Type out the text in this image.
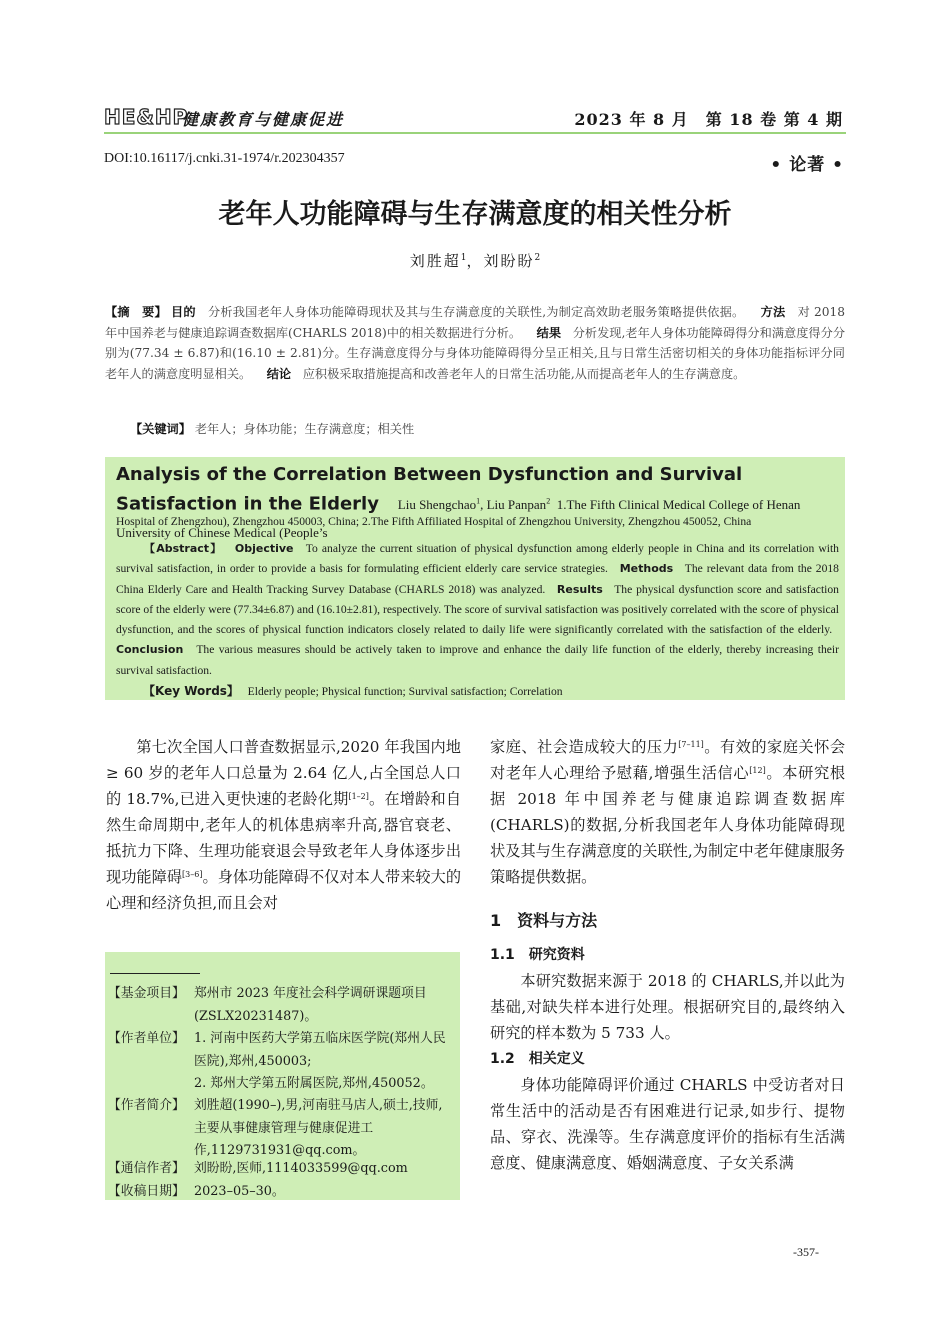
HE&HP
健康教育与健康促进	2023 年 8 月　第 18 卷 第 4 期
DOI:10.16117/j.cnki.31-1974/r.202304357	• 论著 •
老年人功能障碍与生存满意度的相关性分析
刘胜超$^1$，刘盼盼$^2$
【摘　要】 目的 分析我国老年人身体功能障碍现状及其与生存满意度的关联性,为制定高效助老服务策略提供依据。 方法 对 2018 年中国养老与健康追踪调查数据库(CHARLS 2018)中的相关数据进行分析。 结果 分析发现,老年人身体功能障碍得分和满意度得分分别为(77.34 ± 6.87)和(16.10 ± 2.81)分。生存满意度得分与身体功能障碍得分呈正相关,且与日常生活密切相关的身体功能指标评分同老年人的满意度明显相关。 结论 应积极采取措施提高和改善老年人的日常生活功能,从而提高老年人的生存满意度。
【关键词】 老年人；身体功能；生存满意度；相关性
Analysis of the Correlation Between Dysfunction and Survival Satisfaction in the Elderly Liu Shengchao$^1$, Liu Panpan$^2$ 1.The Fifth Clinical Medical College of Henan University of Chinese Medical (People’s
Hospital of Zhengzhou), Zhengzhou 450003, China; 2.The Fifth Affiliated Hospital of Zhengzhou University, Zhengzhou 450052, China
【Abstract】 Objective To analyze the current situation of physical dysfunction among elderly people in China and its correlation with survival satisfaction, in order to provide a basis for formulating efficient elderly care service strategies. Methods The relevant data from the 2018 China Elderly Care and Health Tracking Survey Database (CHARLS 2018) was analyzed. Results The physical dysfunction score and satisfaction score of the elderly were (77.34±6.87) and (16.10±2.81), respectively. The score of survival satisfaction was positively correlated with the score of physical dysfunction, and the scores of physical function indicators closely related to daily life were significantly correlated with the satisfaction of the elderly.   Conclusion The various measures should be actively taken to improve and enhance the daily life function of the elderly, thereby increasing their survival satisfaction.
【Key Words】 Elderly people; Physical function; Survival satisfaction; Correlation

第七次全国人口普查数据显示,2020 年我国内地≥ 60 岁的老年人口总量为 2.64 亿人,占全国总人口的 18.7%,已进入更快速的老龄化期[1–2]。在增龄和自然生命周期中,老年人的机体患病率升高,器官衰老、抵抗力下降、生理功能衰退会导致老年人身体逐步出现功能障碍[3–6]。身体功能障碍不仅对本人带来较大的心理和经济负担,而且会对

【基金项目】 郑州市 2023 年度社会科学调研课题项目(ZSLX20231487)。
【作者单位】 1. 河南中医药大学第五临床医学院(郑州人民医院),郑州,450003;
2. 郑州大学第五附属医院,郑州,450052。
【作者简介】 刘胜超(1990–),男,河南驻马店人,硕士,技师,主要从事健康管理与健康促进工作,1129731931@qq.com。
【通信作者】 刘盼盼,医师,1114033599@qq.com
【收稿日期】 2023–05–30。

家庭、社会造成较大的压力[7–11]。有效的家庭关怀会对老年人心理给予慰藉,增强生活信心[12]。本研究根据 2018 年中国养老与健康追踪调查数据库(CHARLS)的数据,分析我国老年人身体功能障碍现状及其与生存满意度的关联性,为制定中老年健康服务策略提供数据。

1　资料与方法

1.1　研究资料

本研究数据来源于 2018 的 CHARLS,并以此为基础,对缺失样本进行处理。根据研究目的,最终纳入研究的样本数为 5 733 人。

1.2　相关定义

身体功能障碍评价通过 CHARLS 中受访者对日常生活中的活动是否有困难进行记录,如步行、提物品、穿衣、洗澡等。生存满意度评价的指标有生活满意度、健康满意度、婚姻满意度、子女关系满

-357-
